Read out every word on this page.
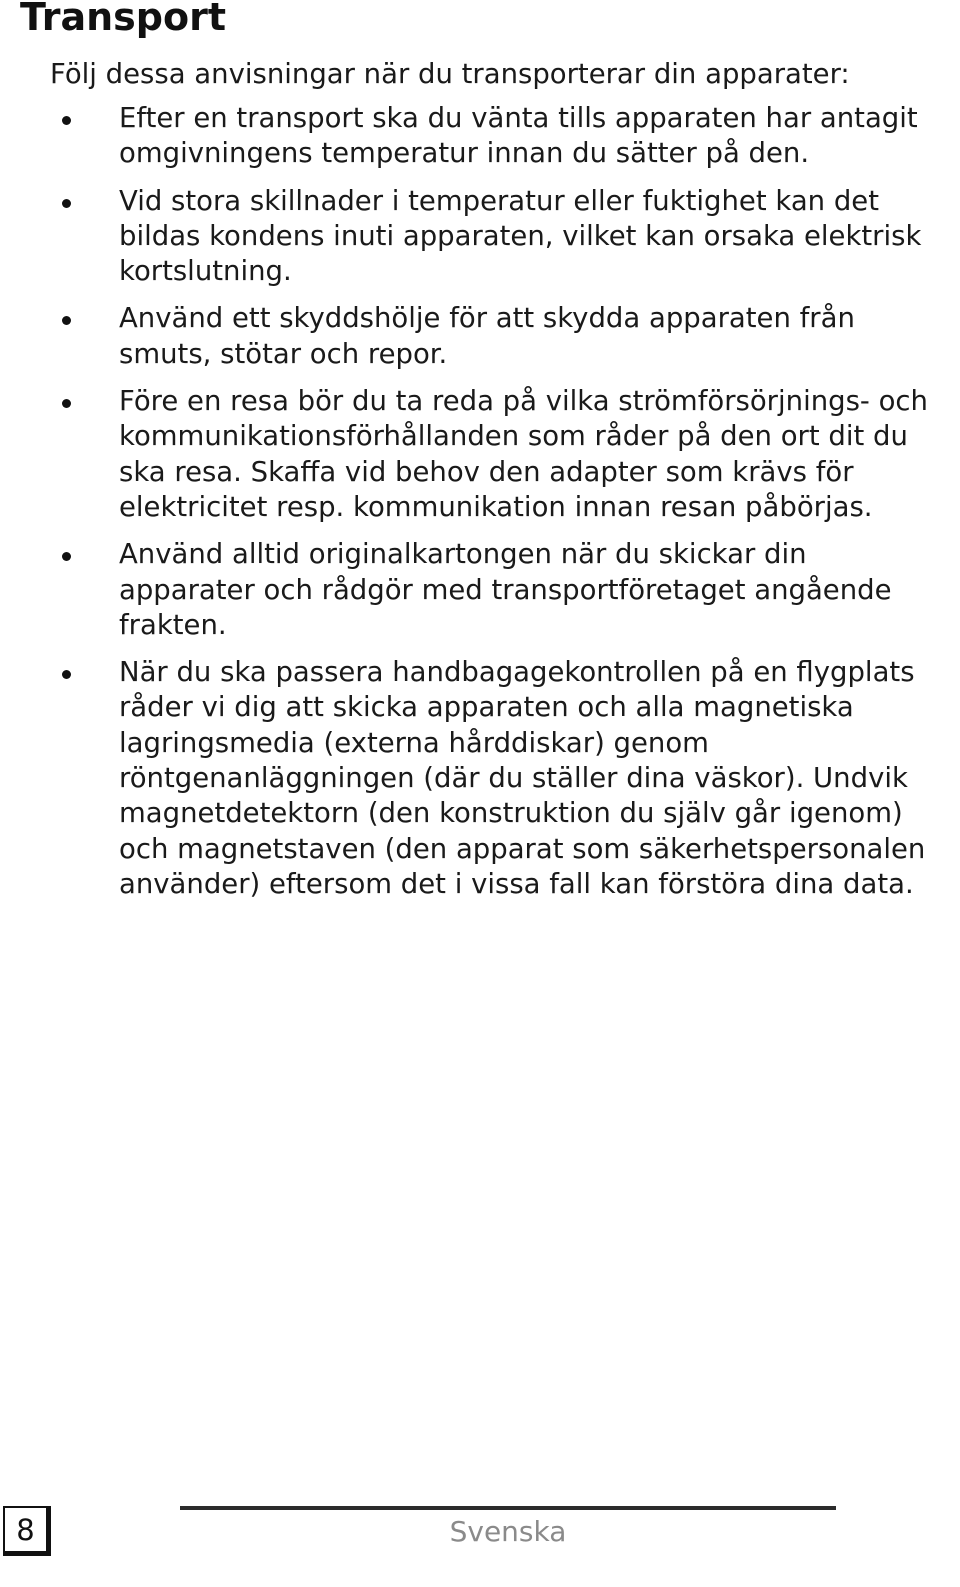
Transport

Följ dessa anvisningar när du transporterar din apparater:

Efter en transport ska du vänta tills apparaten har antagit omgivningens temperatur innan du sätter på den.
Vid stora skillnader i temperatur eller fuktighet kan det bildas kondens inuti apparaten, vilket kan orsaka elektrisk kortslutning.
Använd ett skyddshölje för att skydda apparaten från smuts, stötar och repor.
Före en resa bör du ta reda på vilka strömförsörjnings- och kommunikationsförhållanden som råder på den ort dit du ska resa. Skaffa vid behov den adapter som krävs för elektricitet resp. kommunikation innan resan påbörjas.
Använd alltid originalkartongen när du skickar din apparater och rådgör med transportföretaget angående frakten.
När du ska passera handbagagekontrollen på en flygplats råder vi dig att skicka apparaten och alla magnetiska lagringsmedia (externa hårddiskar) genom röntgenanläggningen (där du ställer dina väskor). Undvik magnetdetektorn (den konstruktion du själv går igenom) och magnetstaven (den apparat som säkerhetspersonalen använder) eftersom det i vissa fall kan förstöra dina data.
8	Svenska
